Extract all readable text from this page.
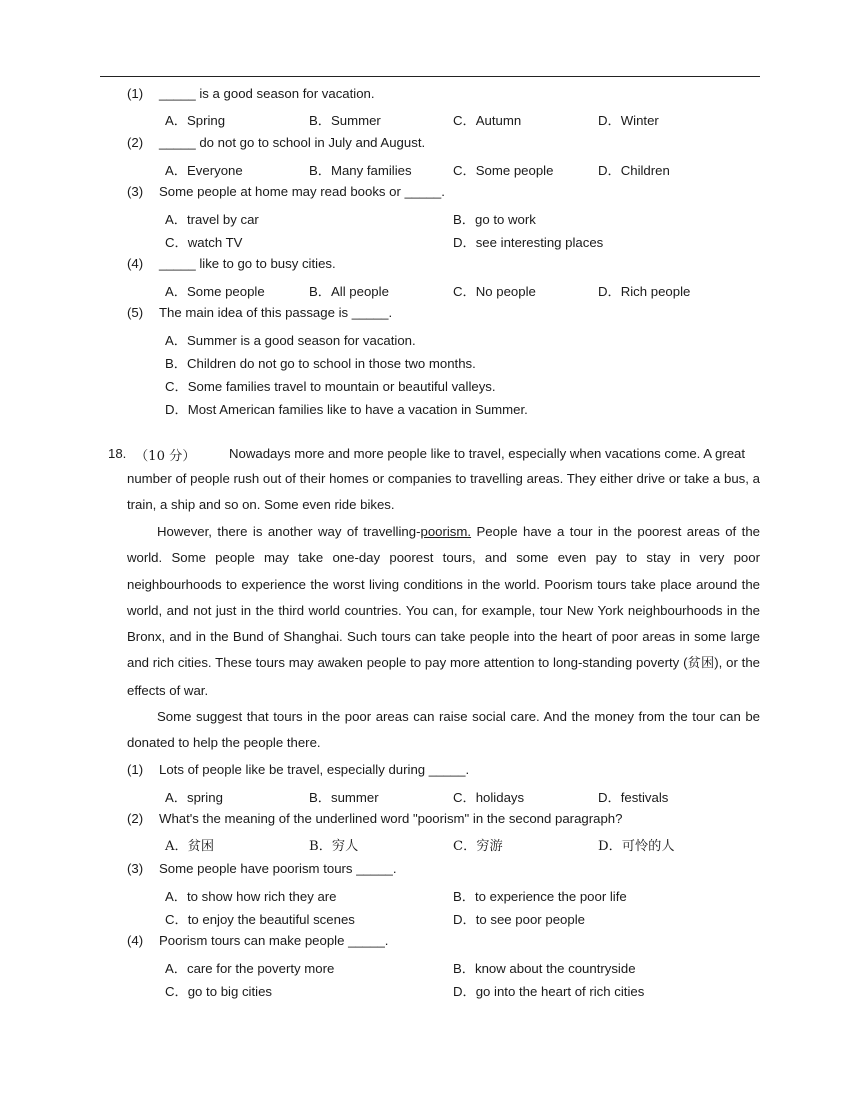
(1) _____ is a good season for vacation.
A．Spring	B．Summer	C．Autumn	D．Winter
(2) _____ do not go to school in July and August.
A．Everyone	B．Many families	C．Some people	D．Children
(3) Some people at home may read books or _____.
A．travel by car	B．go to work
C．watch TV	D．see interesting places
(4) _____ like to go to busy cities.
A．Some people	B．All people	C．No people	D．Rich people
(5) The main idea of this passage is _____.
A．Summer is a good season for vacation.
B．Children do not go to school in those two months.
C．Some families travel to mountain or beautiful valleys.
D．Most American families like to have a vacation in Summer.
18. （10 分）	Nowadays more and more people like to travel, especially when vacations come. A great
number of people rush out of their homes or companies to travelling areas. They either drive or take a bus, a train, a ship and so on. Some even ride bikes.
However, there is another way of travelling-poorism. People have a tour in the poorest areas of the world. Some people may take one-day poorest tours, and some even pay to stay in very poor neighbourhoods to experience the worst living conditions in the world. Poorism tours take place around the world, and not just in the third world countries. You can, for example, tour New York neighbourhoods in the Bronx, and in the Bund of Shanghai. Such tours can take people into the heart of poor areas in some large and rich cities. These tours may awaken people to pay more attention to long-standing poverty (贫困), or the effects of war.
Some suggest that tours in the poor areas can raise social care. And the money from the tour can be donated to help the people there.
(1) Lots of people like be travel, especially during _____.
A．spring	B．summer	C．holidays	D．festivals
(2) What's the meaning of the underlined word "poorism" in the second paragraph?
A．贫困	B．穷人	C．穷游	D．可怜的人
(3) Some people have poorism tours _____.
A．to show how rich they are	B．to experience the poor life
C．to enjoy the beautiful scenes	D．to see poor people
(4) Poorism tours can make people _____.
A．care for the poverty more	B．know about the countryside
C．go to big cities	D．go into the heart of rich cities
